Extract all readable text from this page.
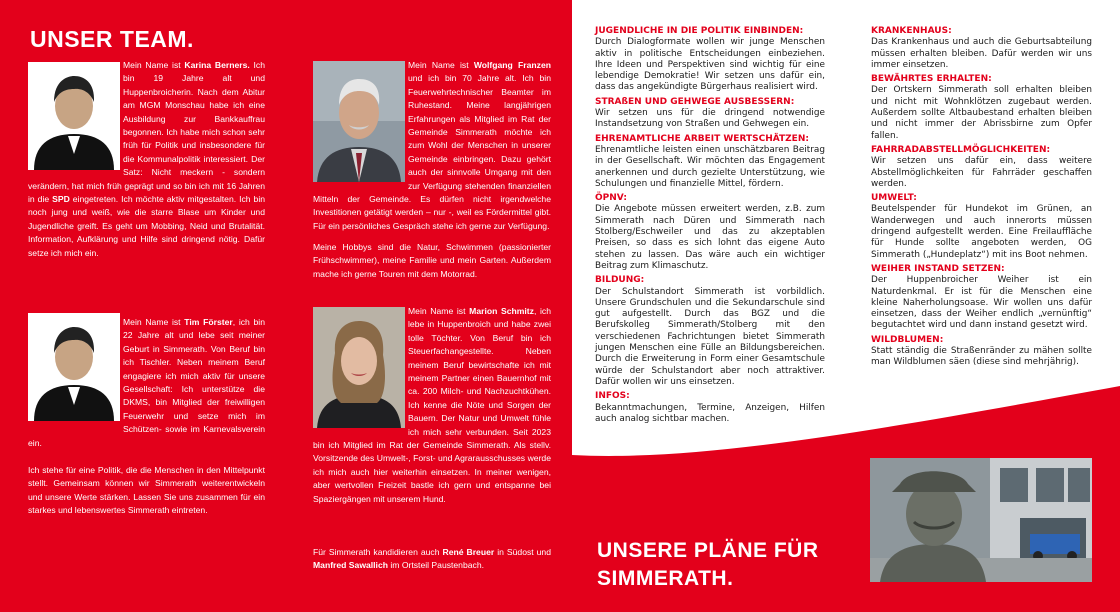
UNSER TEAM.
Mein Name ist Karina Berners. Ich bin 19 Jahre alt und Huppenbroicherin. Nach dem Abitur am MGM Monschau habe ich eine Ausbildung zur Bankkauffrau begonnen. Ich habe mich schon sehr früh für Politik und insbesondere für die Kommunalpolitik interessiert. Der Satz: Nicht meckern - sondern verändern, hat mich früh geprägt und so bin ich mit 16 Jahren in die SPD eingetreten. Ich möchte aktiv mitgestalten. Ich bin noch jung und weiß, wie die starre Blase um Kinder und Jugendliche greift. Es geht um Mobbing, Neid und Brutalität. Information, Aufklärung und Hilfe sind dringend nötig. Dafür setze ich mich ein.
Mein Name ist Tim Förster, ich bin 22 Jahre alt und lebe seit meiner Geburt in Simmerath. Von Beruf bin ich Tischler. Neben meinem Beruf engagiere ich mich aktiv für unsere Gesellschaft: Ich unterstütze die DKMS, bin Mitglied der freiwilligen Feuerwehr und setze mich im Schützen- sowie im Karnevalsverein ein.
Ich stehe für eine Politik, die die Menschen in den Mittelpunkt stellt. Gemeinsam können wir Simmerath weiterentwickeln und unsere Werte stärken. Lassen Sie uns zusammen für ein starkes und lebenswertes Simmerath eintreten.
Mein Name ist Wolfgang Franzen und ich bin 70 Jahre alt. Ich bin Feuerwehrtechnischer Beamter im Ruhestand. Meine langjährigen Erfahrungen als Mitglied im Rat der Gemeinde Simmerath möchte ich zum Wohl der Menschen in unserer Gemeinde einbringen. Dazu gehört auch der sinnvolle Umgang mit den zur Verfügung stehenden finanziellen Mitteln der Gemeinde. Es dürfen nicht irgendwelche Investitionen getätigt werden – nur -, weil es Fördermittel gibt. Für ein persönliches Gespräch stehe ich gerne zur Verfügung.
Meine Hobbys sind die Natur, Schwimmen (passionierter Frühschwimmer), meine Familie und mein Garten. Außerdem mache ich gerne Touren mit dem Motorrad.
Mein Name ist Marion Schmitz, ich lebe in Huppenbroich und habe zwei tolle Töchter. Von Beruf bin ich Steuerfachangestellte. Neben meinem Beruf bewirtschafte ich mit meinem Partner einen Bauernhof mit ca. 200 Milch- und Nachzuchtkühen. Ich kenne die Nöte und Sorgen der Bauern. Der Natur und Umwelt fühle ich mich sehr verbunden. Seit 2023 bin ich Mitglied im Rat der Gemeinde Simmerath. Als stellv. Vorsitzende des Umwelt-, Forst- und Agrarausschusses werde ich mich auch hier weiterhin einsetzen. In meiner wenigen, aber wertvollen Freizeit bastle ich gern und entspanne bei Spaziergängen mit unserem Hund.
Für Simmerath kandidieren auch René Breuer in Südost und Manfred Sawallich im Ortsteil Paustenbach.
JUGENDLICHE IN DIE POLITIK EINBINDEN:

Durch Dialogformate wollen wir junge Menschen aktiv in politische Entscheidungen einbeziehen. Ihre Ideen und Perspektiven sind wichtig für eine lebendige Demokratie! Wir setzen uns dafür ein, dass das angekündigte Bürgerhaus realisiert wird.

STRAßEN UND GEHWEGE AUSBESSERN:

Wir setzen uns für die dringend notwendige Instandsetzung von Straßen und Gehwegen ein.

EHRENAMTLICHE ARBEIT WERTSCHÄTZEN:

Ehrenamtliche leisten einen unschätzbaren Beitrag in der Gesellschaft. Wir möchten das Engagement anerkennen und durch gezielte Unterstützung, wie Schulungen und finanzielle Mittel, fördern.

ÖPNV:

Die Angebote müssen erweitert werden, z.B. zum Simmerath nach Düren und Simmerath nach Stolberg/Eschweiler und das zu akzeptablen Preisen, so dass es sich lohnt das eigene Auto stehen zu lassen. Das wäre auch ein wichtiger Beitrag zum Klimaschutz.

BILDUNG:

Der Schulstandort Simmerath ist vorbildlich. Unsere Grundschulen und die Sekundarschule sind gut aufgestellt. Durch das BGZ und die Berufskolleg Simmerath/Stolberg mit den verschiedenen Fachrichtungen bietet Simmerath jungen Menschen eine Fülle an Bildungsbereichen. Durch die Erweiterung in Form einer Gesamtschule würde der Schulstandort aber noch attraktiver. Dafür wollen wir uns einsetzen.

INFOS:

Bekanntmachungen, Termine, Anzeigen, Hilfen auch analog sichtbar machen.

KRANKENHAUS:

Das Krankenhaus und auch die Geburtsabteilung müssen erhalten bleiben. Dafür werden wir uns immer einsetzen.

BEWÄHRTES ERHALTEN:

Der Ortskern Simmerath soll erhalten bleiben und nicht mit Wohnklötzen zugebaut werden. Außerdem sollte Altbaubestand erhalten bleiben und nicht immer der Abrissbirne zum Opfer fallen.

FAHRRADABSTELLMÖGLICHKEITEN:

Wir setzen uns dafür ein, dass weitere Abstellmöglichkeiten für Fahrräder geschaffen werden.

UMWELT:

Beutelspender für Hundekot im Grünen, an Wanderwegen und auch innerorts müssen dringend aufgestellt werden. Eine Freilauffläche für Hunde sollte angeboten werden, OG Simmerath („Hundeplatz“) mit ins Boot nehmen.

WEIHER INSTAND SETZEN:

Der Huppenbroicher Weiher ist ein Naturdenkmal. Er ist für die Menschen eine kleine Naherholungsoase. Wir wollen uns dafür einsetzen, dass der Weiher endlich „vernünftig“ begutachtet wird und dann instand gesetzt wird.

WILDBLUMEN:

Statt ständig die Straßenränder zu mähen sollte man Wildblumen säen (diese sind mehrjährig).

UNSERE PLÄNE FÜR
SIMMERATH.
